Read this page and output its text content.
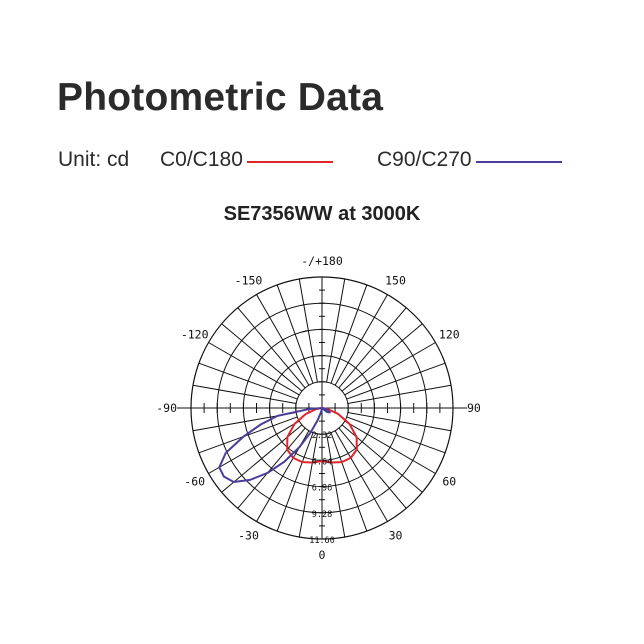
Photometric Data
Unit: cd C0/C180	C90/C270
SE7356WW at 3000K
2.32
4.64
6.96
9.28
11.60
-/+180
-150	150
-120	120
-90	90
-60	60
-30	30
0
